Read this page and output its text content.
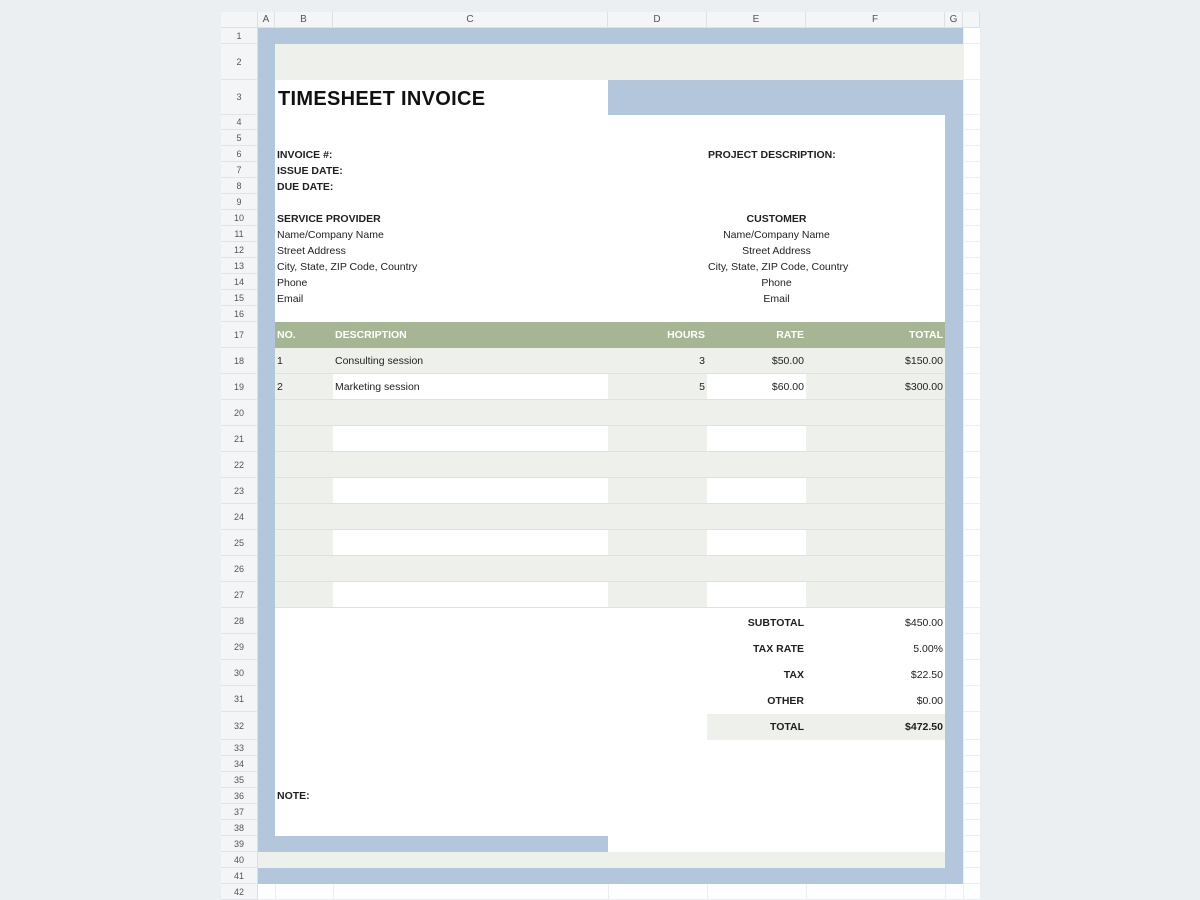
A	B	C	D	E	F	G
1
2
3
4
5
6
7
8
9
10
11
12
13
14
15
16
17
18
19
20
21
22
23
24
25
26
27
28
29
30
31
32
33
34
35
36
37
38
39
40
41
42
TIMESHEET INVOICE
INVOICE #:
ISSUE DATE:
DUE DATE:
PROJECT DESCRIPTION:
SERVICE PROVIDER
Name/Company Name
Street Address
City, State, ZIP Code, Country
Phone
Email
CUSTOMER
Name/Company Name
Street Address
City, State, ZIP Code, Country
Phone
Email
NO.	DESCRIPTION	HOURS	RATE	TOTAL
1	Consulting session	3	$50.00	$150.00
2	Marketing session	5	$60.00	$300.00
SUBTOTAL	$450.00
TAX RATE	5.00%
TAX	$22.50
OTHER	$0.00
TOTAL	$472.50
NOTE:
